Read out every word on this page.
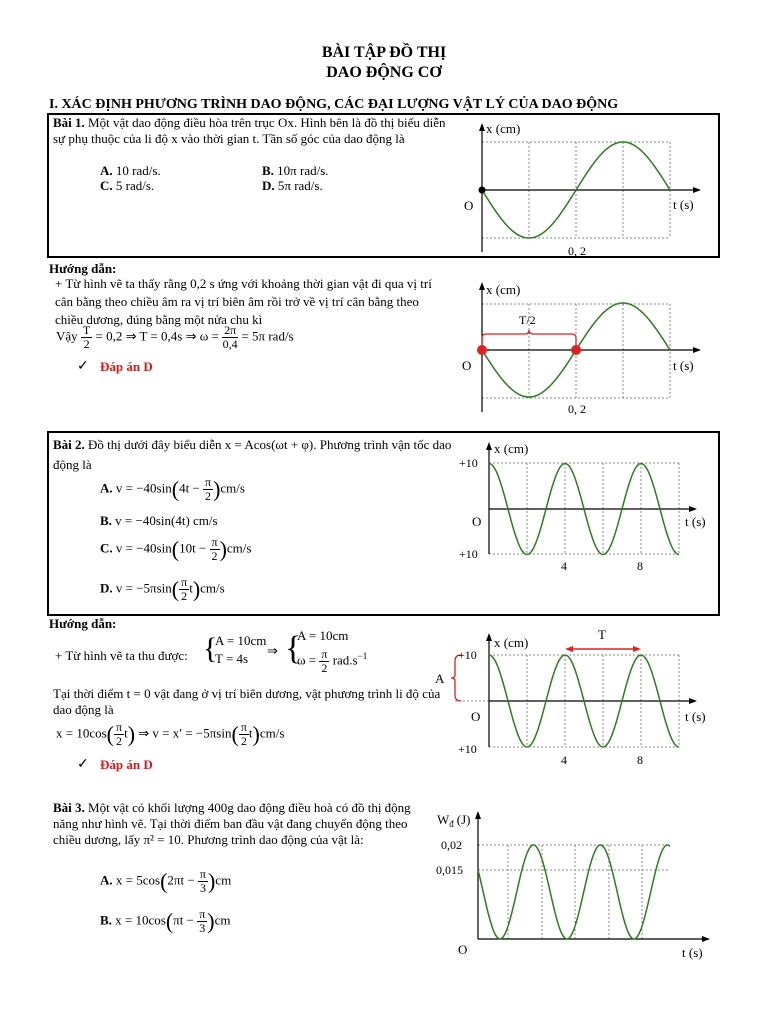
BÀI TẬP ĐỒ THỊ
DAO ĐỘNG CƠ
I. XÁC ĐỊNH PHƯƠNG TRÌNH DAO ĐỘNG, CÁC ĐẠI LƯỢNG VẬT LÝ CỦA DAO ĐỘNG
Bài 1. Một vật dao động điều hòa trên trục Ox. Hình bên là đồ thị biểu diễn sự phụ thuộc của li độ x vào thời gian t. Tần số góc của dao động là
A. 10 rad/s.	B. 10π rad/s.
C. 5 rad/s.	D. 5π rad/s.
x (cm)
t (s)
O
0, 2
Hướng dẫn:
+ Từ hình vẽ ta thấy rằng 0,2 s ứng với khoảng thời gian vật đi qua vị trí cân bằng theo chiều âm ra vị trí biên âm rồi trở về vị trí cân bằng theo chiều dương, đúng bằng một nửa chu kì
Vậy $\frac{T}{2} = 0,2$ ⇒ T = 0,4s ⇒ $\omega = \frac{2\pi}{0,4} = 5\pi$ rad/s
✓ Đáp án D
x (cm)
t (s)
O
0, 2
T/2
Bài 2. Đồ thị dưới đây biểu diễn x = Acos(ωt + φ). Phương trình vận tốc dao động là
A. $v = -40\sin(4t - \frac{\pi}{2} )cm/s$
B. v = −40sin(4t) cm/s
C. $v = -40\sin(10t - \frac{\pi}{2} )cm/s$
D. $v = -5\pi\sin( \frac{\pi}{2} t)cm/s$
x (cm)
t (s)
O
+10
+10
4	8
Hướng dẫn:
+ Từ hình vẽ ta thu được: {
A = 10cm
T = 4s
⇒ {
A = 10cm
$\omega = \frac{\pi}{2} rad.s^{-1}$
Tại thời điểm t = 0 vật đang ở vị trí biên dương, vật phương trình li độ của dao động là
$x = 10\cos( \frac{\pi}{2} t)$ ⇒ $v = x' = -5\pi\sin( \frac{\pi}{2} t)cm/s$
✓ Đáp án D
x (cm)
t (s)
O
+10
+10
4	8
T
A
Bài 3. Một vật có khối lượng 400g dao động điều hoà có đồ thị động năng như hình vẽ. Tại thời điểm ban đầu vật đang chuyển động theo chiều dương, lấy π² = 10. Phương trình dao động của vật là:
A. $x = 5\cos(2\pi t - \frac{\pi}{3} )cm$
B. $x = 10\cos(\pi t - \frac{\pi}{3} )cm$
$W_đ$ (J)
0,02
0,015
O	t (s)
